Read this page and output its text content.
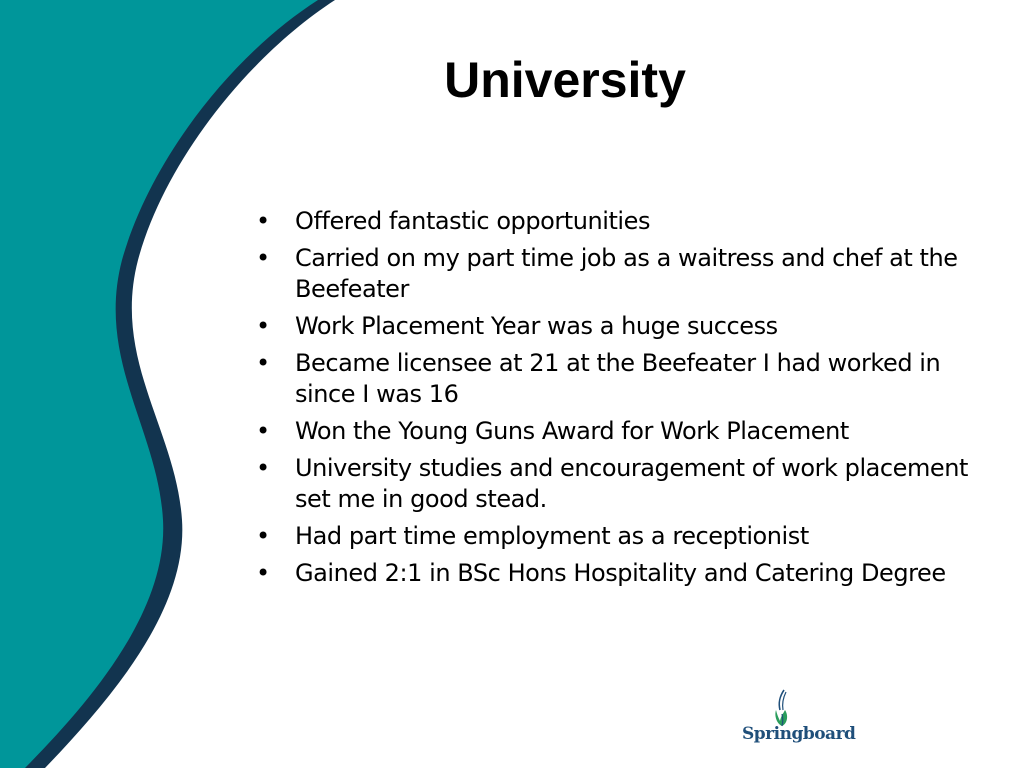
University
• Offered fantastic opportunities
• Carried on my part time job as a waitress and chef at the Beefeater
• Work Placement Year was a huge success
• Became licensee at 21 at the Beefeater I had worked in since I was 16
• Won the Young Guns Award for Work Placement
• University studies and encouragement of work placement set me in good stead.
• Had part time employment as a receptionist
• Gained 2:1 in BSc Hons Hospitality and Catering Degree
Springboard
